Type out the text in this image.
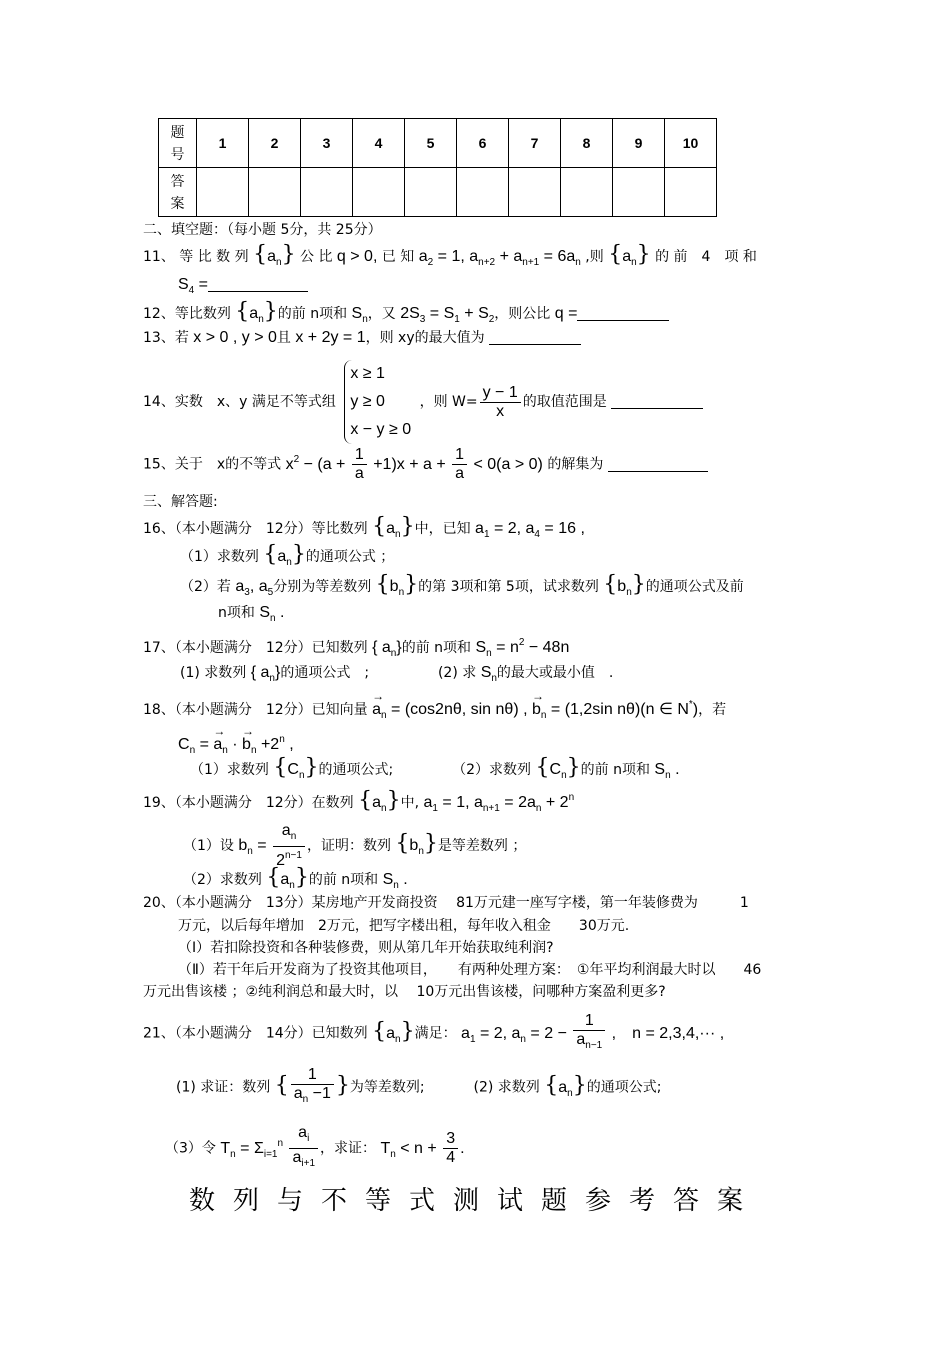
题号	1	2	3	4	5	6	7	8	9	10
答案										
二、填空题：（每小题 5分，共 25分）
11、 等 比 数 列 $\{a_n\}$ 公 比 q > 0, 已 知 $a_2 = 1$, $a_{n+2} + a_{n+1} = 6a_n$ ,则 $\{a_n\}$ 的 前　4　项 和
$S_4$ =
12、等比数列 $\{a_n\}$的前 n项和 $S_n$，又 $2S_3 = S_1 + S_2$，则公比 q =
13、若 x > 0 , y > 0且 x + 2y = 1，则 xy的最大值为
14、实数　x、y 满足不等式组 x ≥ 1
y ≥ 0
x − y ≥ 0 ，则 $W= \frac{y - 1}{x}$ 的取值范围是
15、关于　x的不等式 $x^2 - (a + \frac{1}{a} +1)x + a + \frac{1}{a} < 0(a > 0)$ 的解集为
三、解答题:
16、（本小题满分　12分）等比数列 $\{a_n\}$中，已知 $a_1 = 2$, $a_4 = 16$ ,
（1）求数列 $\{a_n\}$的通项公式 ；
（2）若 $a_3$, $a_5$分别为等差数列 $\{b_n\}$的第 3项和第 5项，试求数列 $\{b_n\}$的通项公式及前
n项和 $S_n$ .
17、（本小题满分　12分）已知数列 { $a_n$}的前 n项和 $S_n = n^2 - 48n$
(1) 求数列 { $a_n$}的通项公式　;	(2) 求 $S_n$的最大或最小值　.
18、（本小题满分　12分）已知向量 → $a_n = (\cos 2n\theta$, sin nθ) , → $b_n = (1,2\sin$ nθ)(n ∈ N*)，若
$C_n$ = → $a_n$ · → $b_n +2^n$ ,
（1）求数列 $\{C_n\}$的通项公式;	（2）求数列 $\{C_n\}$的前 n项和 $S_n$ .
19、（本小题满分　12分）在数列 $\{a_n\}$中, $a_1 = 1$, $a_{n+1} = 2a_n + 2^n$
（1）设 $b_n = \frac{a_n}{2^{n-1}}$ ，证明：数列 $\{b_n\}$是等差数列 ；
（2）求数列 $\{a_n\}$的前 n项和 $S_n$ .
20、（本小题满分　13分）某房地产开发商投资　 81万元建一座写字楼，第一年装修费为　　　1
万元，以后每年增加　2万元，把写字楼出租，每年收入租金　　30万元.
（Ⅰ）若扣除投资和各种装修费，则从第几年开始获取纯利润?
（Ⅱ）若干年后开发商为了投资其他项目，　　有两种处理方案：　①年平均利润最大时以　　46
万元出售该楼 ；②纯利润总和最大时，以　 10万元出售该楼，问哪种方案盈利更多?
21、（本小题满分　14分）已知数列 $\{a_n\}$满足： $a_1 = 2$, $a_n = 2 - \frac{1}{a_{n-1}}$ ,　n = 2,3,4,··· ,
(1) 求证：数列 { $\frac{1}{a_n -1}$ }为等差数列;	(2) 求数列 $\{a_n\}$的通项公式;
（3）令 $T_n = \Sigma_{i=1}^n \frac{a_i}{a_{i+1}}$ ，求证： $T_n < n + \frac{3}{4}$ .
数列与不等式测试题参考答案
